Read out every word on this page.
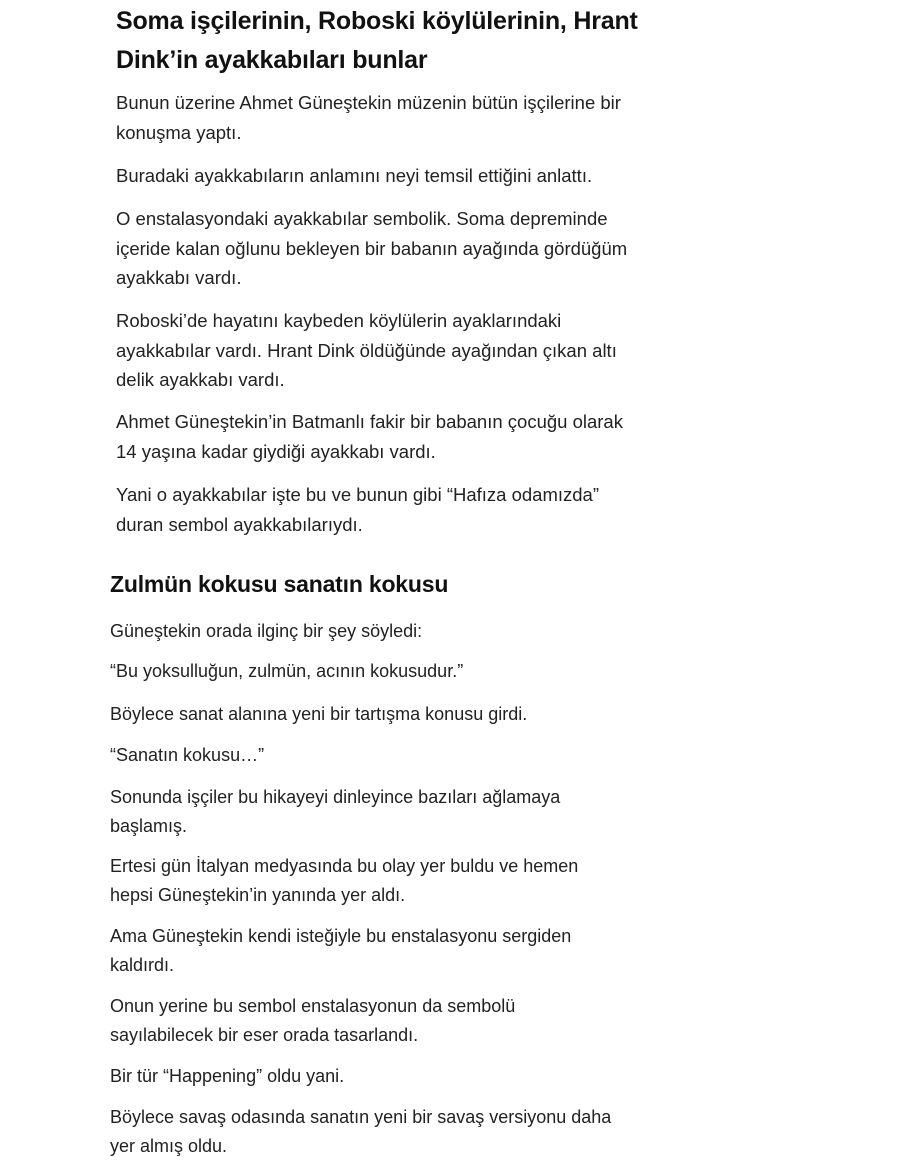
Soma işçilerinin, Roboski köylülerinin, Hrant
Dink’in ayakkabıları bunlar

Bunun üzerine Ahmet Güneştekin müzenin bütün işçilerine bir
konuşma yaptı.

Buradaki ayakkabıların anlamını neyi temsil ettiğini anlattı.

O enstalasyondaki ayakkabılar sembolik. Soma depreminde
içeride kalan oğlunu bekleyen bir babanın ayağında gördüğüm
ayakkabı vardı.

Roboski’de hayatını kaybeden köylülerin ayaklarındaki
ayakkabılar vardı. Hrant Dink öldüğünde ayağından çıkan altı
delik ayakkabı vardı.

Ahmet Güneştekin’in Batmanlı fakir bir babanın çocuğu olarak
14 yaşına kadar giydiği ayakkabı vardı.

Yani o ayakkabılar işte bu ve bunun gibi “Hafıza odamızda”
duran sembol ayakkabılarıydı.

Zulmün kokusu sanatın kokusu

Güneştekin orada ilginç bir şey söyledi:

“Bu yoksulluğun, zulmün, acının kokusudur.”

Böylece sanat alanına yeni bir tartışma konusu girdi.

“Sanatın kokusu…”

Sonunda işçiler bu hikayeyi dinleyince bazıları ağlamaya
başlamış.

Ertesi gün İtalyan medyasında bu olay yer buldu ve hemen
hepsi Güneştekin’in yanında yer aldı.

Ama Güneştekin kendi isteğiyle bu enstalasyonu sergiden
kaldırdı.

Onun yerine bu sembol enstalasyonun da sembolü
sayılabilecek bir eser orada tasarlandı.

Bir tür “Happening” oldu yani.

Böylece savaş odasında sanatın yeni bir savaş versiyonu daha
yer almış oldu.
